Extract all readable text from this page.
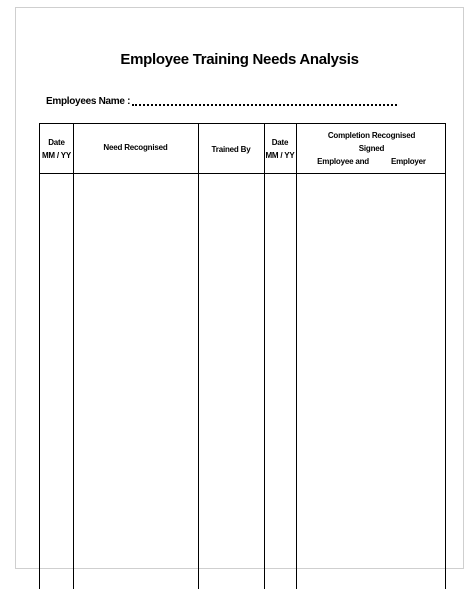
Employee Training Needs Analysis
Employees Name :
Date
MM / YY
Need Recognised	Trained By
Date
MM / YY
Completion Recognised
Signed
Employee and	Employer
